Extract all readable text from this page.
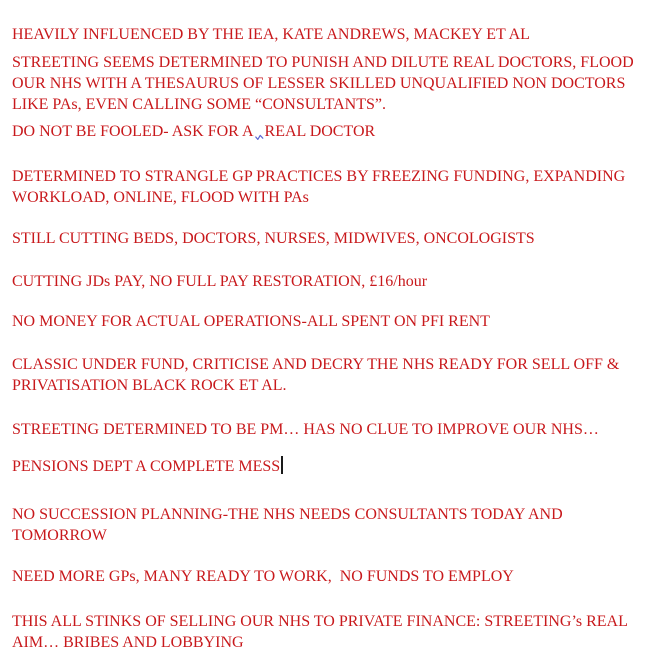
HEAVILY INFLUENCED BY THE IEA, KATE ANDREWS, MACKEY ET AL

STREETING SEEMS DETERMINED TO PUNISH AND DILUTE REAL DOCTORS, FLOOD
OUR NHS WITH A THESAURUS OF LESSER SKILLED UNQUALIFIED NON DOCTORS
LIKE PAs, EVEN CALLING SOME “CONSULTANTS”.

DO NOT BE FOOLED- ASK FOR A REAL DOCTOR

DETERMINED TO STRANGLE GP PRACTICES BY FREEZING FUNDING, EXPANDING
WORKLOAD, ONLINE, FLOOD WITH PAs

STILL CUTTING BEDS, DOCTORS, NURSES, MIDWIVES, ONCOLOGISTS

CUTTING JDs PAY, NO FULL PAY RESTORATION, £16/hour

NO MONEY FOR ACTUAL OPERATIONS-ALL SPENT ON PFI RENT

CLASSIC UNDER FUND, CRITICISE AND DECRY THE NHS READY FOR SELL OFF &
PRIVATISATION BLACK ROCK ET AL.

STREETING DETERMINED TO BE PM… HAS NO CLUE TO IMPROVE OUR NHS…

PENSIONS DEPT A COMPLETE MESS

NO SUCCESSION PLANNING-THE NHS NEEDS CONSULTANTS TODAY AND
TOMORROW

NEED MORE GPs, MANY READY TO WORK,  NO FUNDS TO EMPLOY

THIS ALL STINKS OF SELLING OUR NHS TO PRIVATE FINANCE: STREETING’s REAL
AIM… BRIBES AND LOBBYING
